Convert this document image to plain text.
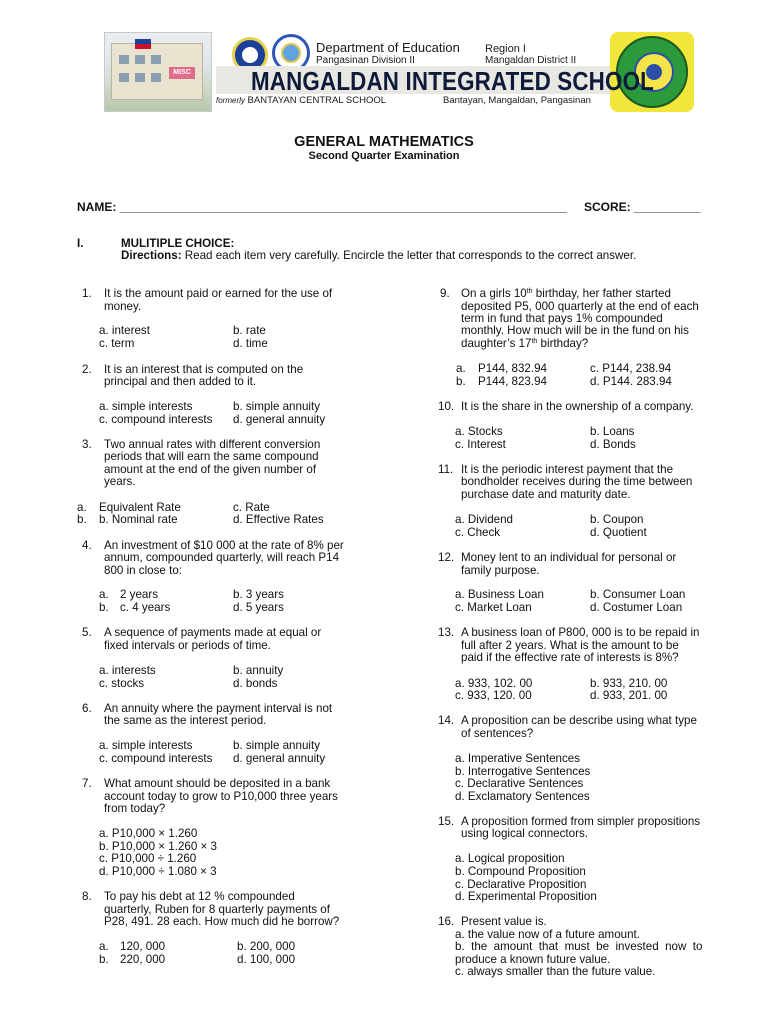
MISC
Department of Education
Pangasinan Division II
Region I
Mangaldan District II
MANGALDAN INTEGRATED SCHOOL
formerly BANTAYAN CENTRAL SCHOOL	Bantayan, Mangaldan, Pangasinan
GENERAL MATHEMATICS
Second Quarter Examination
NAME: ___________________________________________________________________ SCORE: __________
I.	MULITIPLE CHOICE:
Directions: Read each item very carefully. Encircle the letter that corresponds to the correct answer.
1. It is the amount paid or earned for the use of
money.
a. interest	b. rate
c. term	d. time
2. It is an interest that is computed on the
principal and then added to it.
a. simple interests	b. simple annuity
c. compound interests d. general annuity
3. Two annual rates with different conversion
periods that will earn the same compound
amount at the end of the given number of
years.
a. Equivalent Rate	c. Rate
b. b. Nominal rate	d. Effective Rates
4. An investment of $10 000 at the rate of 8% per
annum, compounded quarterly, will reach P14
800 in close to:
a. 2 years	b. 3 years
b. c. 4 years	d. 5 years
5. A sequence of payments made at equal or
fixed intervals or periods of time.
a. interests	b. annuity
c. stocks	d. bonds
6. An annuity where the payment interval is not
the same as the interest period.
a. simple interests	b. simple annuity
c. compound interests d. general annuity
7. What amount should be deposited in a bank
account today to grow to P10,000 three years
from today?
a. P10,000 × 1.260
b. P10,000 × 1.260 × 3
c. P10,000 ÷ 1.260
d. P10,000 ÷ 1.080 × 3
8. To pay his debt at 12 % compounded
quarterly, Ruben for 8 quarterly payments of
P28, 491. 28 each. How much did he borrow?
a. 120, 000	b. 200, 000
b. 220, 000	d. 100, 000
9. On a girls 10th birthday, her father started
deposited P5, 000 quarterly at the end of each
term in fund that pays 1% compounded
monthly. How much will be in the fund on his
daughter’s 17th birthday?
a. P144, 832.94	c. P144, 238.94
b. P144, 823.94	d. P144. 283.94
10. It is the share in the ownership of a company.
a. Stocks	b. Loans
c. Interest	d. Bonds
11. It is the periodic interest payment that the
bondholder receives during the time between
purchase date and maturity date.
a. Dividend	b. Coupon
c. Check	d. Quotient
12. Money lent to an individual for personal or
family purpose.
a. Business Loan	b. Consumer Loan
c. Market Loan	d. Costumer Loan
13. A business loan of P800, 000 is to be repaid in
full after 2 years. What is the amount to be
paid if the effective rate of interests is 8%?
a. 933, 102. 00	b. 933, 210. 00
c. 933, 120. 00	d. 933, 201. 00
14. A proposition can be describe using what type
of sentences?
a. Imperative Sentences
b. Interrogative Sentences
c. Declarative Sentences
d. Exclamatory Sentences
15. A proposition formed from simpler propositions
using logical connectors.
a. Logical proposition
b. Compound Proposition
c. Declarative Proposition
d. Experimental Proposition
16. Present value is.
a. the value now of a future amount.
b.  the  amount  that  must  be  invested  now  to
produce a known future value.
c. always smaller than the future value.
